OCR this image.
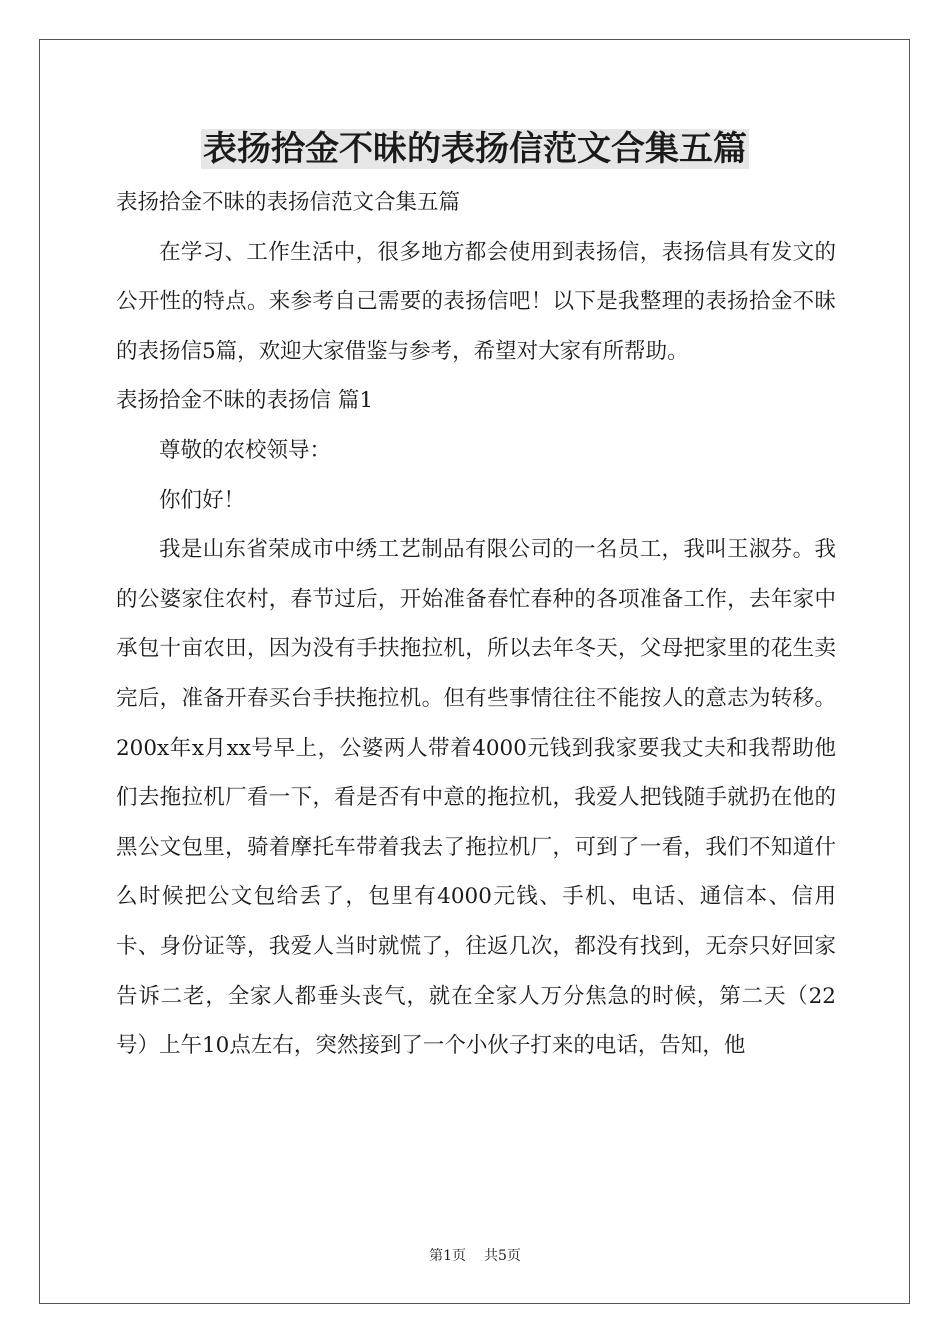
表扬拾金不昧的表扬信范文合集五篇

表扬拾金不昧的表扬信范文合集五篇

在学习、工作生活中，很多地方都会使用到表扬信，表扬信具有发文的公开性的特点。来参考自己需要的表扬信吧！以下是我整理的表扬拾金不昧的表扬信5篇，欢迎大家借鉴与参考，希望对大家有所帮助。

表扬拾金不昧的表扬信 篇1

尊敬的农校领导：

你们好！

我是山东省荣成市中绣工艺制品有限公司的一名员工，我叫王淑芬。我的公婆家住农村，春节过后，开始准备春忙春种的各项准备工作，去年家中承包十亩农田，因为没有手扶拖拉机，所以去年冬天，父母把家里的花生卖完后，准备开春买台手扶拖拉机。但有些事情往往不能按人的意志为转移。200x年x月xx号早上，公婆两人带着4000元钱到我家要我丈夫和我帮助他们去拖拉机厂看一下，看是否有中意的拖拉机，我爱人把钱随手就扔在他的黑公文包里，骑着摩托车带着我去了拖拉机厂，可到了一看，我们不知道什么时候把公文包给丢了，包里有4000元钱、手机、电话、通信本、信用卡、身份证等，我爱人当时就慌了，往返几次，都没有找到，无奈只好回家告诉二老，全家人都垂头丧气，就在全家人万分焦急的时候，第二天（22号）上午10点左右，突然接到了一个小伙子打来的电话，告知，他

第1页 共5页
